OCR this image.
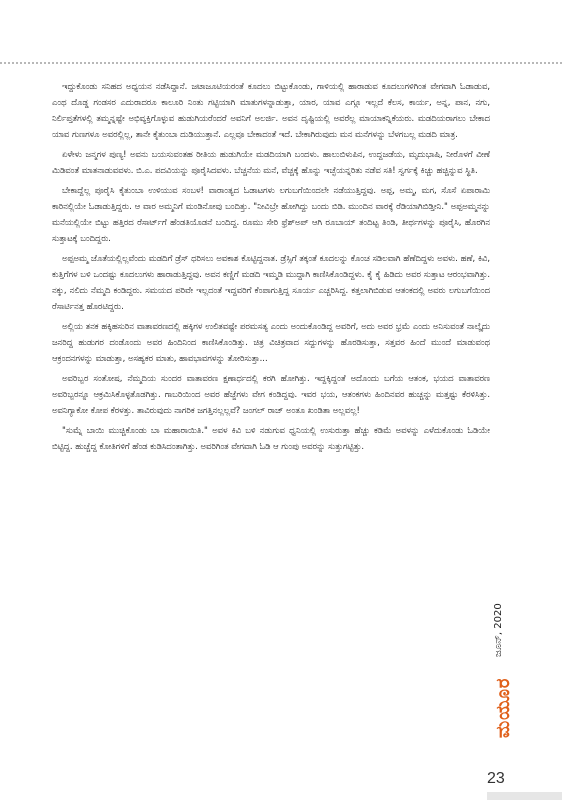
ಇದ್ದುಕೊಂಡು ಸನಿಹದ ಅಧ್ಯಯನ ನಡೆಸಿದ್ದಾನೆ. ಜಟಾಜೂಟಿಯರಂತೆ ಕೂದಲು ಬಿಟ್ಟುಕೊಂಡು, ಗಾಳಿಯಲ್ಲಿ ಹಾರಾಡುವ ಕೂದಲುಗಳಿಗಿಂತ ವೇಗವಾಗಿ ಓಡಾಡುವ, ಎಂಥ ದೊಡ್ಡ ಗಂಡಸರ ಎದುರಾದರೂ ಕಾಲೂರಿ ನಿಂತು ಗಟ್ಟಿಯಾಗಿ ಮಾತುಗಳನ್ನಾಡುತ್ತಾ, ಯಾರ, ಯಾವ ಎಗ್ಗೂ ಇಲ್ಲದೆ ಕೆಲಸ, ಕಾರ್ಯ, ಅನ್ನ, ಪಾನ, ನಗು, ನಿರ್ಲಿಪ್ತತೆಗಳಲ್ಲಿ ತಮ್ಮನ್ನಷ್ಟೇ ಅಭಿವ್ಯಕ್ತಿಗೊಳ್ಳುವ ಹುಡುಗಿಯರೆಂದರೆ ಅವನಿಗೆ ಅಲರ್ಜಿ. ಅವನ ದೃಷ್ಟಿಯಲ್ಲಿ ಅವರೆಲ್ಲ ಮಾಯಾಕನ್ನಿಕೆಯರು. ಮಡದಿಯರಾಗಲು ಬೇಕಾದ ಯಾವ ಗುಣಗಳೂ ಅವರಲ್ಲಿಲ್ಲ, ತಾನೇ ಕೈತುಂಬಾ ದುಡಿಯುತ್ತಾನೆ. ಎಲ್ಲವೂ ಬೇಕಾದಂತೆ ಇದೆ. ಬೇಕಾಗಿರುವುದು ಮನ ಮನೆಗಳನ್ನು ಬೆಳಗಬಲ್ಲ ಮಡದಿ ಮಾತ್ರ.

ಏಳೇಳು ಜನ್ಮಗಳ ಪುಣ್ಯ! ಅವನು ಬಯಸುವಂತಹ ರೀತಿಯ ಹುಡುಗಿಯೇ ಮಡದಿಯಾಗಿ ಬಂದಳು. ಹಾಲುಬಿಳುಪಿನ, ಉದ್ದಜಡೆಯ, ಮೃದುಭಾಷಿ, ನೀರೊಳಗೆ ವೀಣೆ ಮಿಡಿವಂತೆ ಮಾತನಾಡುವವಳು. ಬಿ.ಎ. ಪದವಿಯನ್ನು ಪೂರೈಸಿದವಳು. ಬೆಚ್ಚನೆಯ ಮನೆ, ವೆಚ್ಚಕ್ಕೆ ಹೊನ್ನು ಇಚ್ಛೆಯನ್ನರಿತು ನಡೆವ ಸತಿ! ಸ್ವರ್ಗಕ್ಕೆ ಕಿಚ್ಚು ಹಚ್ಚಿನ್ನುವ ಸ್ಥಿತಿ.

ಬೇಕಾದ್ದೆಲ್ಲ ಪೂರೈಸಿ ಕೈತುಂಬಾ ಉಳಿಯುವ ಸಂಬಳ! ವಾರಾಂತ್ಯದ ಓಡಾಟಗಳು ಲಗುಬಗೆಯಿಂದಲೇ ನಡೆಯುತ್ತಿದ್ದವು. ಅಪ್ಪ, ಅಮ್ಮ, ಮಗ, ಸೊಸೆ ಏಪಾರಾಮಿ ಕಾರಿನಲ್ಲಿಯೇ ಓಡಾಡುತ್ತಿದ್ದರು. ಆ ವಾರ ಅಮ್ಮನಿಗೆ ಮಂಡಿನೋವು ಬಂದಿತ್ತು. "ನೀವಿಬ್ರೇ ಹೋಗಿದ್ದು ಬಂದು ಬಿಡಿ. ಮುಂದಿನ ವಾರಕ್ಕೆ ರೆಡಿಯಾಗಿಬಿಡ್ತೀನಿ." ಅಪ್ಪಅಮ್ಮನನ್ನು ಮನೆಯಲ್ಲಿಯೇ ಬಿಟ್ಟು ಹತ್ತಿರದ ರೆಸಾರ್ಟ್‌ಗೆ ಹೆಂಡತಿಯೊಡನೆ ಬಂದಿದ್ದ. ರೂಮು ಸೇರಿ ಫ್ರೆಶ್‌ಅಪ್ ಆಗಿ ರೂಬಾಯ್ ತಂದಿಟ್ಟ ತಿಂಡಿ, ತೀರ್ಥಗಳನ್ನು ಪೂರೈಸಿ, ಹೊರಗಿನ ಸುತ್ತಾಟಕ್ಕೆ ಬಂದಿದ್ದರು.

ಅಪ್ಪಅಮ್ಮ ಜೊತೆಯಲ್ಲಿಲ್ಲವೆಂದು ಮಡದಿಗೆ ಡ್ರೆಸ್ ಧರಿಸಲು ಅವಕಾಶ ಕೊಟ್ಟಿದ್ದನಾತ. ಡ್ರೆಸ್ಸಿಗೆ ತಕ್ಕಂತೆ ಕೂದಲನ್ನು ಕೊಂಚ ಸಡಿಲವಾಗಿ ಹೆಣೆದಿದ್ದಳು ಅವಳು. ಹಣೆ, ಕಿವಿ, ಕುತ್ತಿಗೆಗಳ ಬಳಿ ಒಂದಷ್ಟು ಕೂದಲುಗಳು ಹಾರಾಡುತ್ತಿದ್ದವು. ಅವನ ಕಣ್ಣಿಗೆ ಮಡದಿ ಇಮ್ಮಡಿ ಮುದ್ದಾಗಿ ಕಾಣಿಸಿಕೊಂಡಿದ್ದಳು. ಕೈ ಕೈ ಹಿಡಿದು ಅವರ ಸುತ್ತಾಟ ಆರಂಭವಾಗಿತ್ತು. ನಕ್ಕು, ನಲಿದು ನೆಮ್ಮದಿ ಕಂಡಿದ್ದರು. ಸಮಯದ ಪರಿವೇ ಇಲ್ಲದಂತೆ ಇದ್ದವರಿಗೆ ಕೆಂಪಾಗುತ್ತಿದ್ದ ಸೂರ್ಯ ಎಚ್ಚರಿಸಿದ್ದ. ಕತ್ತಲಾಗಿಬಿಡುವ ಆತಂಕದಲ್ಲಿ ಅವರು ಲಗುಬಗೆಯಿಂದ ರೆಸಾರ್ಟಿನತ್ತ ಹೊರಟಿದ್ದರು.

ಅಲ್ಲಿಯ ತನಕ ಹಕ್ಕಿಹಸುರಿನ ವಾತಾವರಣದಲ್ಲಿ ಹಕ್ಕಿಗಳ ಉಲಿತವಷ್ಟೇ ಪರಮಸತ್ಯ ಎಂದು ಅಂದುಕೊಂಡಿದ್ದ ಅವರಿಗೆ, ಅದು ಅವರ ಭ್ರಮೆ ಎಂದು ಅನಿಸುವಂತೆ ನಾಲ್ಕೈದು ಜನರಿದ್ದ ಹುಡುಗರ ದಂಡೊಂದು ಅವರ ಹಿಂದಿನಿಂದ ಕಾಣಿಸಿಕೊಂಡಿತ್ತು. ಚಿತ್ರ ವಿಚಿತ್ರವಾದ ಸದ್ದುಗಳನ್ನು ಹೊರಡಿಸುತ್ತಾ, ಸತ್ತವರ ಹಿಂದೆ ಮುಂದೆ ಮಾಡುವಂಥ ಆಕ್ರಂದನಗಳನ್ನು ಮಾಡುತ್ತಾ, ಅಸಹ್ಯಕರ ಮಾತು, ಹಾವಭಾವಗಳನ್ನು ತೋರಿಸುತ್ತಾ...

ಅವರಿಬ್ಬರ ಸಂತೋಷ, ನೆಮ್ಮದಿಯ ಸುಂದರ ವಾತಾವರಣ ಕ್ಷಣಾರ್ಧದಲ್ಲಿ ಕರಗಿ ಹೋಗಿತ್ತು. ಇದ್ದಕ್ಕಿದ್ದಂತೆ ಅದೊಂದು ಬಗೆಯ ಆತಂಕ, ಭಯದ ವಾತಾವರಣ ಅವರಿಬ್ಬರನ್ನೂ ಆಕ್ರಮಿಸಿಕೊಳ್ಳತೊಡಗಿತ್ತು. ಗಾಬರಿಯಿಂದ ಅವರ ಹೆಜ್ಜೆಗಳು ವೇಗ ಕಂಡಿದ್ದವು. ಇವರ ಭಯ, ಆತಂಕಗಳು ಹಿಂದಿನವರ ಹುಚ್ಚನ್ನು ಮತ್ತಷ್ಟು ಕೆರಳಿಸಿತ್ತು. ಅವನಿಗ್ಯಾಕೋ ಕೋಪ ಕೆರಳತ್ತು. ತಾವಿರುವುದು ನಾಗರಿಕ ಜಗತ್ತಿನಲ್ಲಲ್ಲವೆ? ಜಂಗಲ್ ರಾಜ್ ಅಂತೂ ಖಂಡಿತಾ ಅಲ್ಲವಲ್ಲ!

"ಸುಮ್ನೆ ಬಾಯಿ ಮುಚ್ಚಿಕೊಂಡು ಬಾ ಮಹಾರಾಯಿತಿ." ಅವಳ ಕಿವಿ ಬಳಿ ನಡುಗುವ ಧ್ವನಿಯಲ್ಲಿ ಉಸುರುತ್ತಾ ಹೆಚ್ಚು ಕಡಿಮೆ ಅವಳನ್ನು ಎಳೆದುಕೊಂಡು ಓಡಿಯೇ ಬಿಟ್ಟಿದ್ದ. ಹುಚ್ಚೆದ್ದ ಕೋತಿಗಳಿಗೆ ಹೆಂಡ ಕುಡಿಸಿದಂತಾಗಿತ್ತು. ಅವರಿಗಿಂತ ವೇಗವಾಗಿ ಓಡಿ ಆ ಗುಂಪು ಅವರನ್ನು ಸುತ್ತುಗಟ್ಟಿತ್ತು.

ಜೂನ್, 2020
ಮಯೂರ
23
